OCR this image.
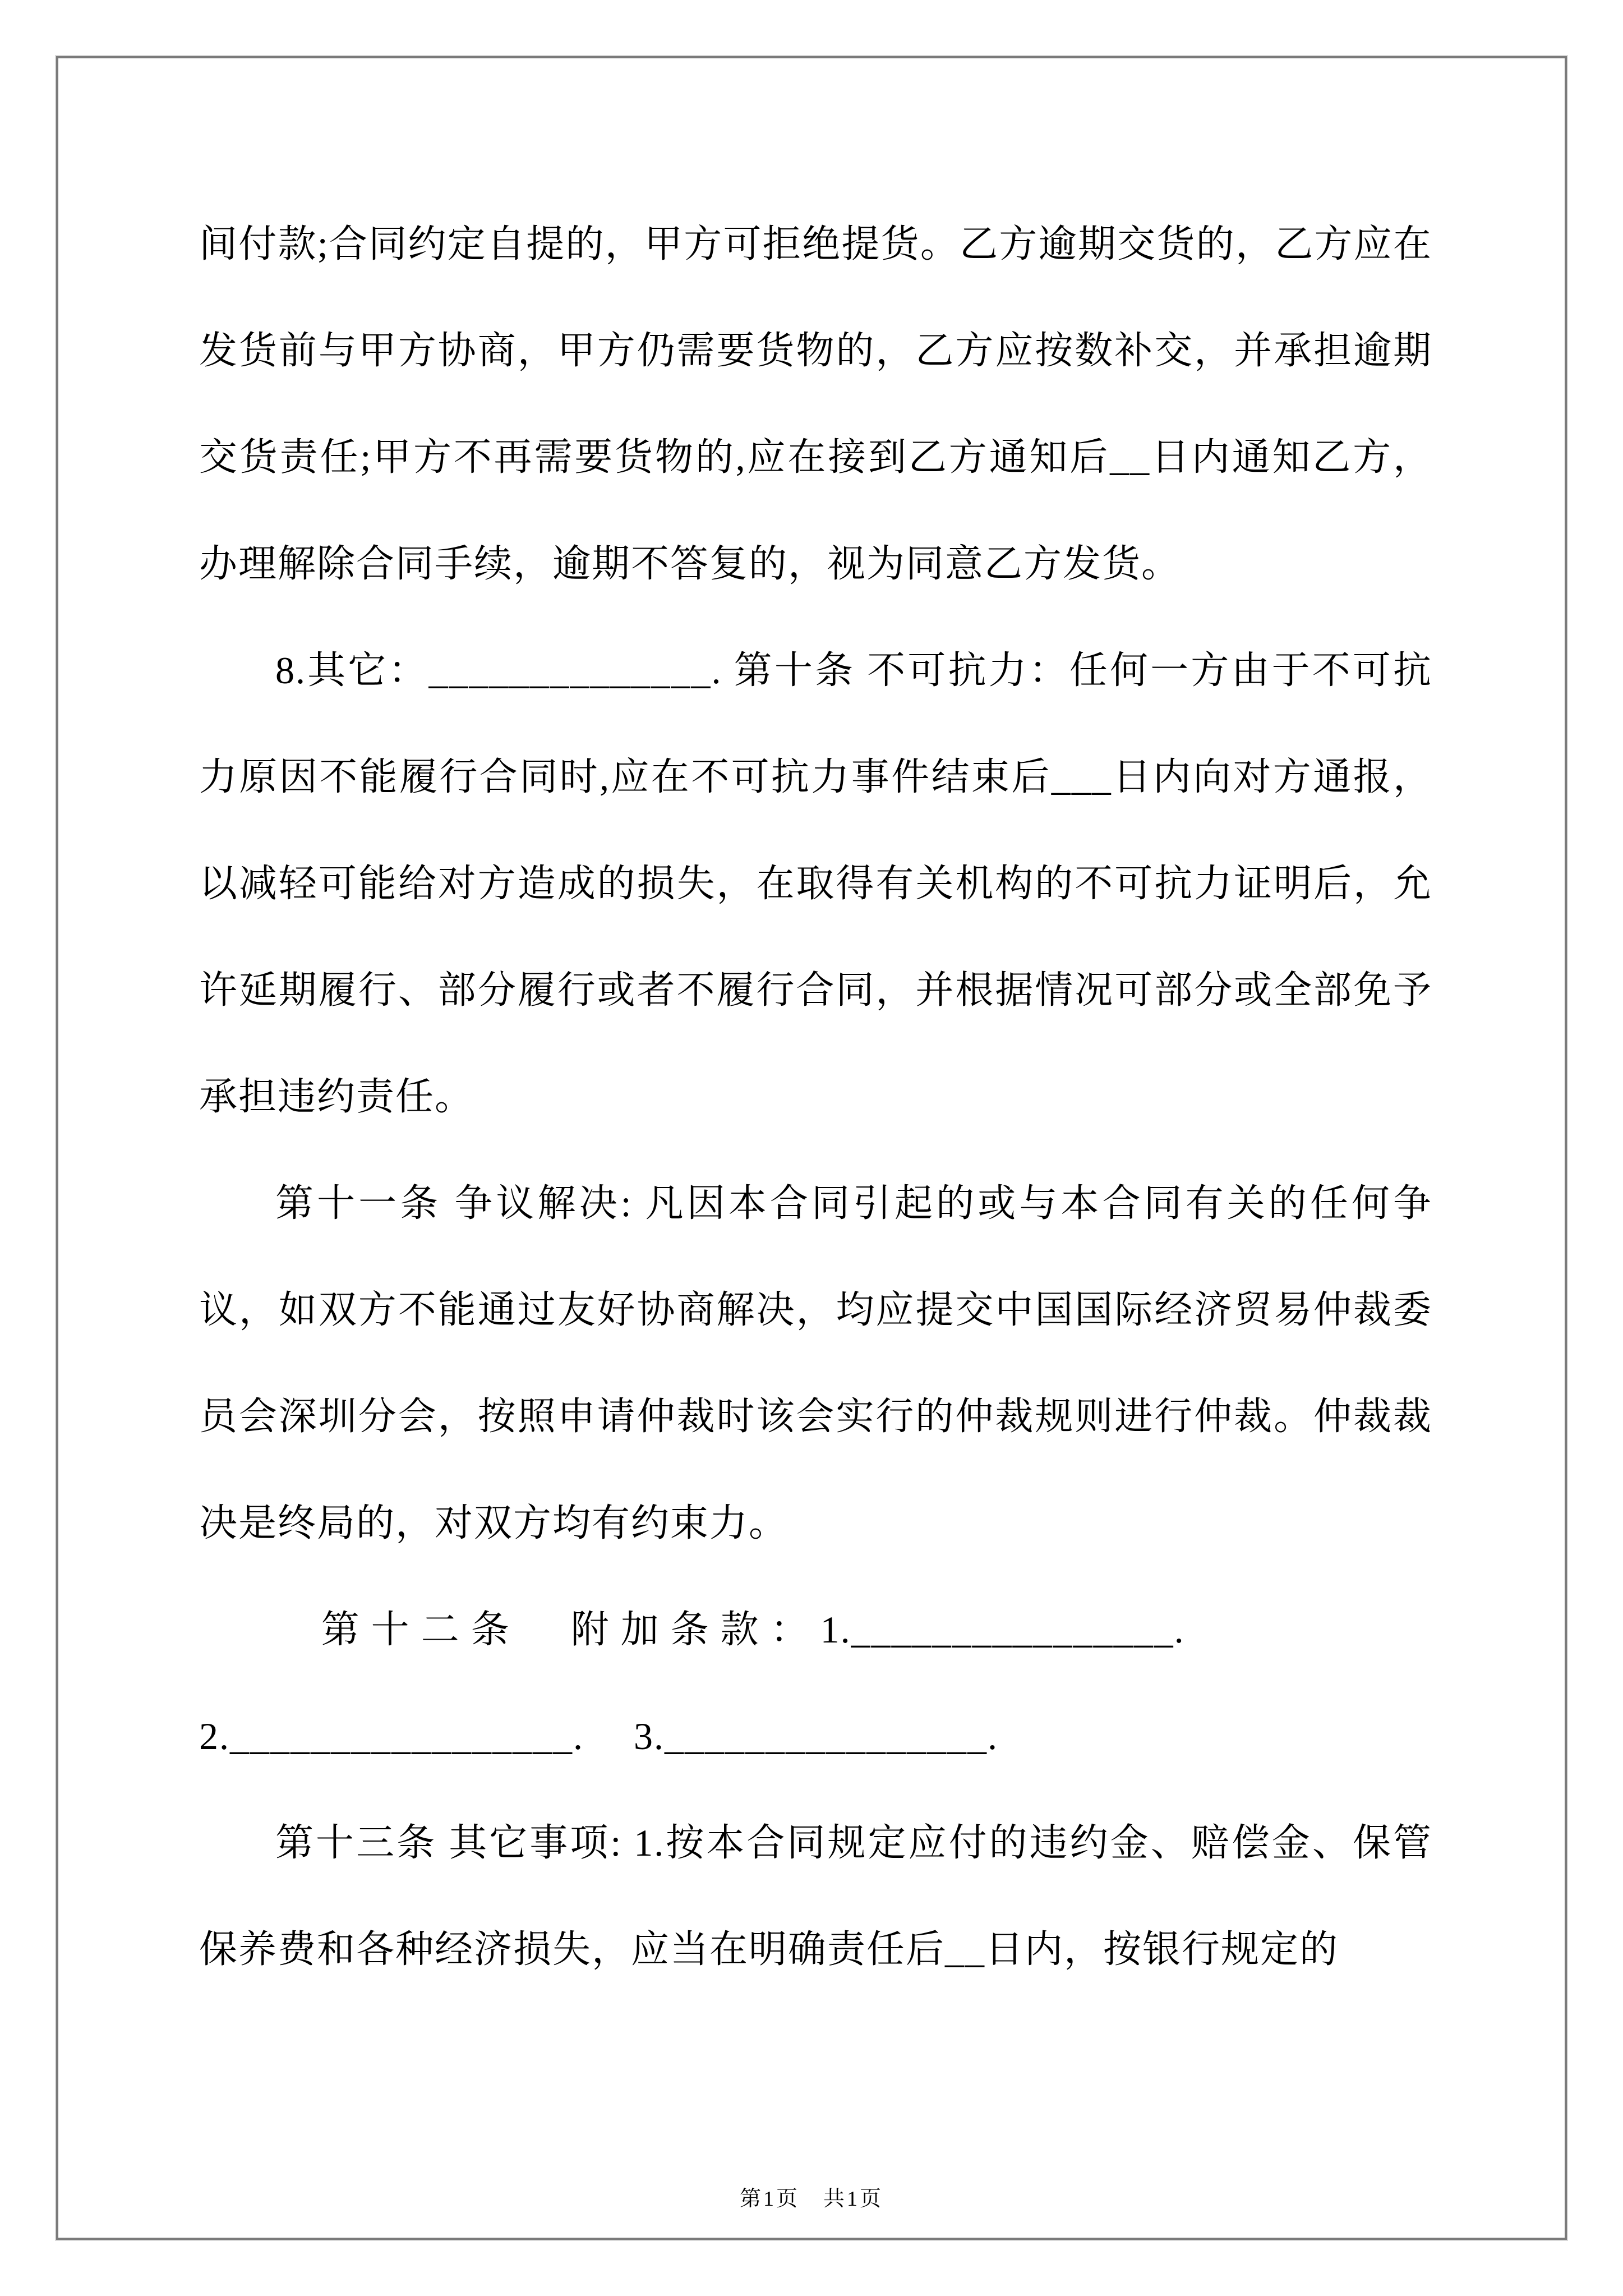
间付款;合同约定自提的，甲方可拒绝提货。乙方逾期交货的，乙方应在发货前与甲方协商，甲方仍需要货物的，乙方应按数补交，并承担逾期交货责任;甲方不再需要货物的,应在接到乙方通知后__日内通知乙方，办理解除合同手续，逾期不答复的，视为同意乙方发货。

8.其它：______________. 第十条 不可抗力：任何一方由于不可抗力原因不能履行合同时,应在不可抗力事件结束后___日内向对方通报，以减轻可能给对方造成的损失，在取得有关机构的不可抗力证明后，允许延期履行、部分履行或者不履行合同，并根据情况可部分或全部免予承担违约责任。

第十一条 争议解决: 凡因本合同引起的或与本合同有关的任何争议，如双方不能通过友好协商解决，均应提交中国国际经济贸易仲裁委员会深圳分会，按照申请仲裁时该会实行的仲裁规则进行仲裁。仲裁裁决是终局的，对双方均有约束力。

第 十 二 条 　 附 加 条 款 ： 1.________________.

2._________________. 　3.________________.

第十三条 其它事项: 1.按本合同规定应付的违约金、赔偿金、保管保养费和各种经济损失，应当在明确责任后__日内，按银行规定的

第1页　共1页
